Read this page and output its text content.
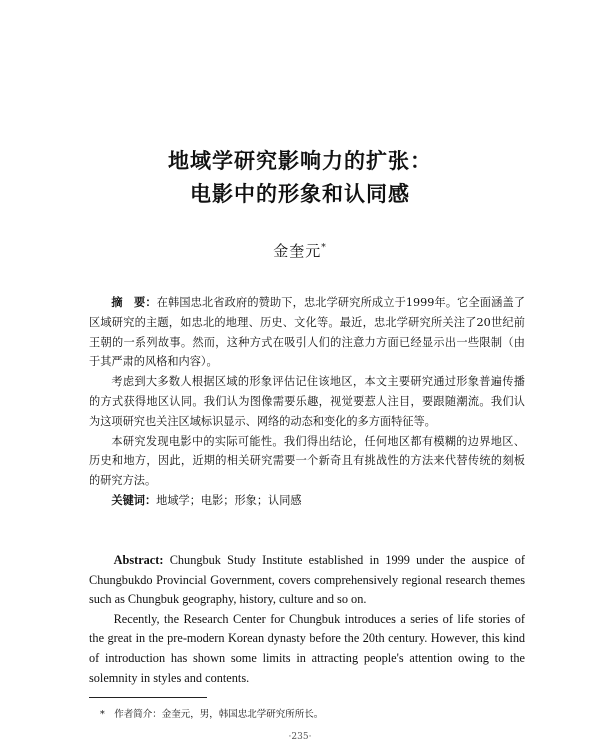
地域学研究影响力的扩张：
电影中的形象和认同感
金奎元*

摘　要：在韩国忠北省政府的赞助下，忠北学研究所成立于1999年。它全面涵盖了区域研究的主题，如忠北的地理、历史、文化等。最近，忠北学研究所关注了20世纪前王朝的一系列故事。然而，这种方式在吸引人们的注意力方面已经显示出一些限制（由于其严肃的风格和内容）。

考虑到大多数人根据区域的形象评估记住该地区，本文主要研究通过形象普遍传播的方式获得地区认同。我们认为图像需要乐趣，视觉要惹人注目，要跟随潮流。我们认为这项研究也关注区域标识显示、网络的动态和变化的多方面特征等。

本研究发现电影中的实际可能性。我们得出结论，任何地区都有模糊的边界地区、历史和地方，因此，近期的相关研究需要一个新奇且有挑战性的方法来代替传统的刻板的研究方法。

关键词：地域学；电影；形象；认同感

Abstract: Chungbuk Study Institute established in 1999 under the auspice of Chungbukdo Provincial Government, covers comprehensively regional research themes such as Chungbuk geography, history, culture and so on.

Recently, the Research Center for Chungbuk introduces a series of life stories of the great in the pre-modern Korean dynasty before the 20th century. However, this kind of introduction has shown some limits in attracting people's attention owing to the solemnity in styles and contents.

*　 作者简介：金奎元，男，韩国忠北学研究所所长。
·235·
